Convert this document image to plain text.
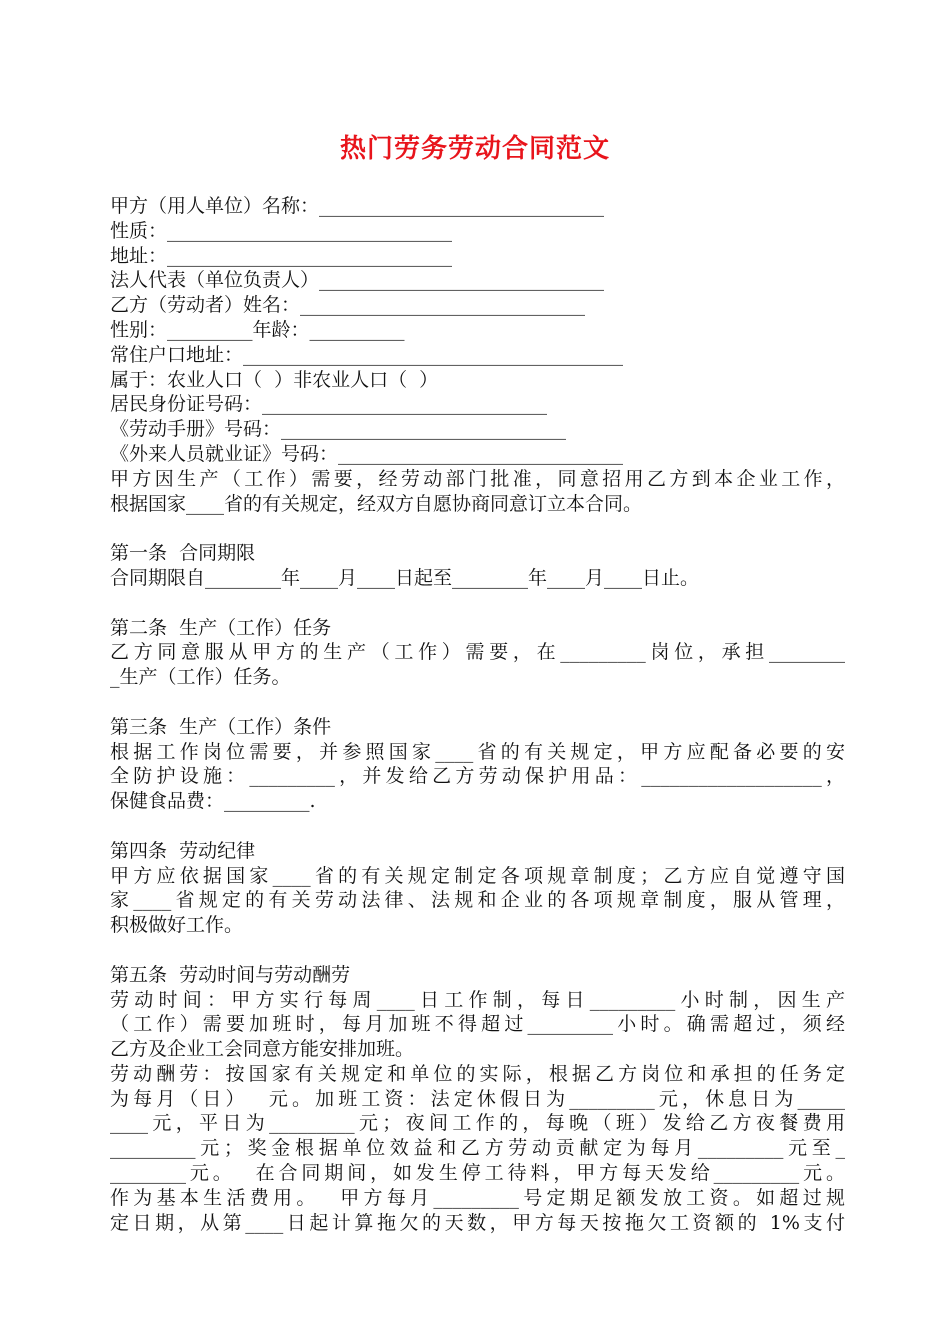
热门劳务劳动合同范文
甲方（用人单位）名称：______________________________
性质：______________________________
地址：______________________________
法人代表（单位负责人）______________________________
乙方（劳动者）姓名：______________________________
性别：_________年龄：__________
常住户口地址：________________________________________
属于：农业人口（  ）非农业人口（  ）
居民身份证号码：______________________________
《劳动手册》号码：______________________________
《外来人员就业证》号码：______________________________
甲方因生产（工作）需要，经劳动部门批准，同意招用乙方到本企业工作，
根据国家____省的有关规定，经双方自愿协商同意订立本合同。
第一条  合同期限
合同期限自________年____月____日起至________年____月____日止。
第二条  生产（工作）任务
乙方同意服从甲方的生产（工作）需要，在_________岗位，承担________
_生产（工作）任务。
第三条  生产（工作）条件
根据工作岗位需要，并参照国家____省的有关规定，甲方应配备必要的安
全防护设施：_________，并发给乙方劳动保护用品：___________________，
保健食品费：_________.
第四条  劳动纪律
甲方应依据国家____省的有关规定制定各项规章制度；乙方应自觉遵守国
家____省规定的有关劳动法律、法规和企业的各项规章制度，服从管理，
积极做好工作。
第五条  劳动时间与劳动酬劳
劳动时间：甲方实行每周____日工作制，每日_________小时制，因生产
（工作）需要加班时，每月加班不得超过_________小时。确需超过，须经
乙方及企业工会同意方能安排加班。
劳动酬劳：按国家有关规定和单位的实际，根据乙方岗位和承担的任务定
为每月（日）  元。加班工资：法定休假日为_________元，休息日为_____
____元，平日为_________元；夜间工作的，每晚（班）发给乙方夜餐费用
_________元；奖金根据单位效益和乙方劳动贡献定为每月_________元至_
________元。  在合同期间，如发生停工待料，甲方每天发给_________元。
作为基本生活费用。  甲方每月_________号定期足额发放工资。如超过规
定日期，从第____日起计算拖欠的天数，甲方每天按拖欠工资额的 1%支付
